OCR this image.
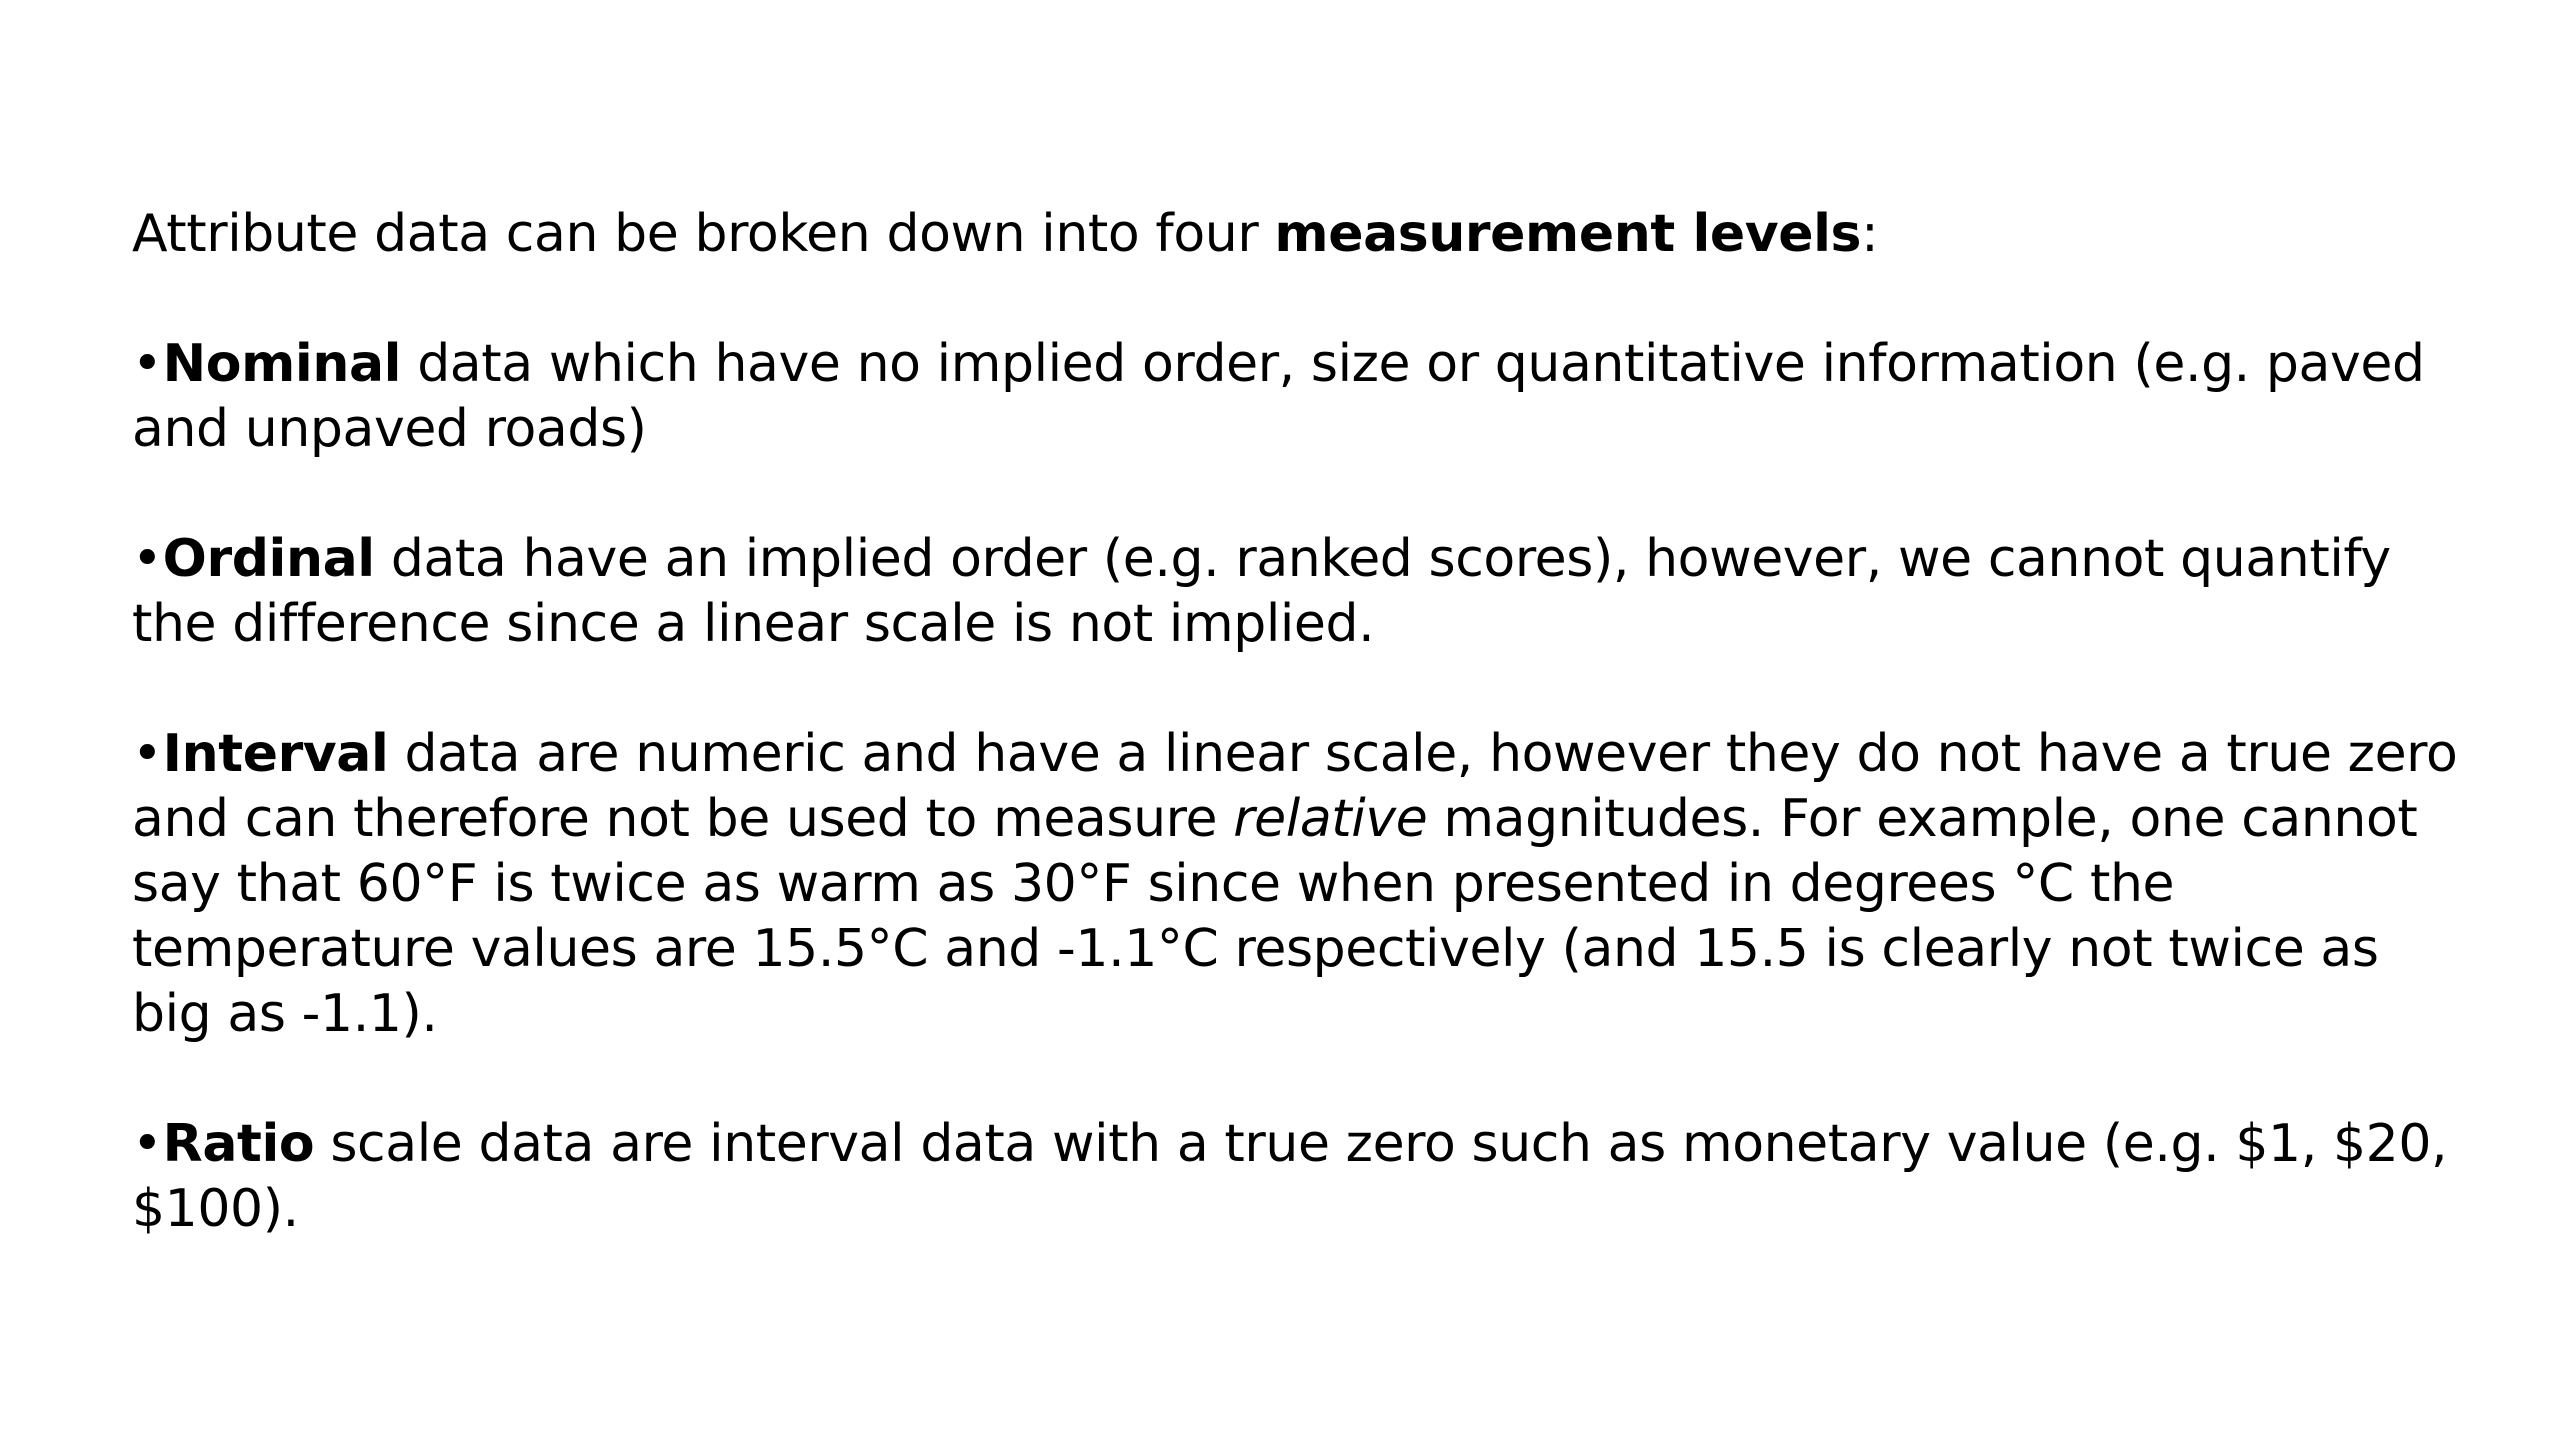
Attribute data can be broken down into four measurement levels:

•Nominal data which have no implied order, size or quantitative information (e.g. paved and unpaved roads)

•Ordinal data have an implied order (e.g. ranked scores), however, we cannot quantify the difference since a linear scale is not implied.

•Interval data are numeric and have a linear scale, however they do not have a true zero and can therefore not be used to measure relative magnitudes. For example, one cannot say that 60°F is twice as warm as 30°F since when presented in degrees °C the temperature values are 15.5°C and -1.1°C respectively (and 15.5 is clearly not twice as big as -1.1).

•Ratio scale data are interval data with a true zero such as monetary value (e.g. $1, $20, $100).
